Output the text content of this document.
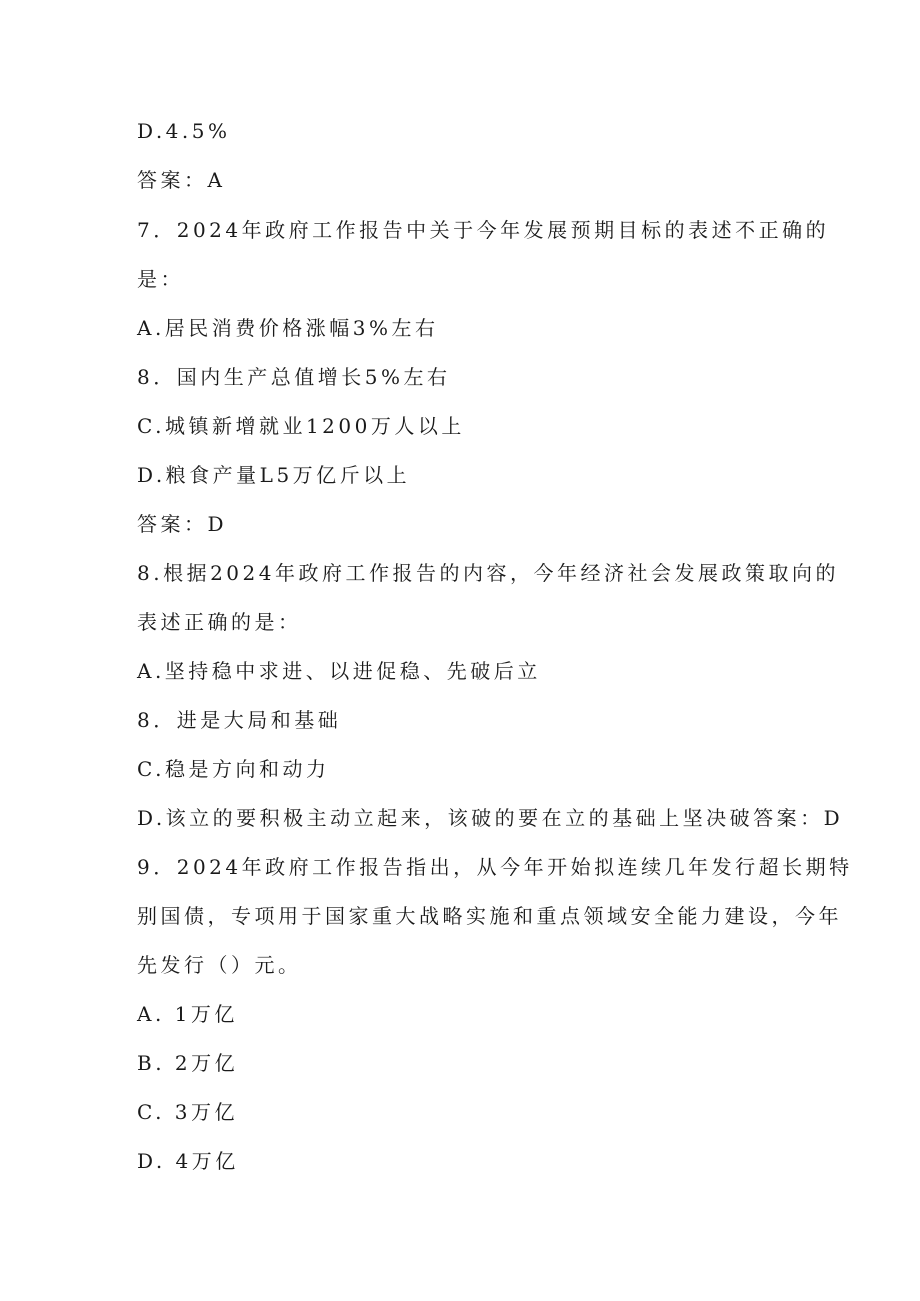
D.4.5%
答案：A
7．2024年政府工作报告中关于今年发展预期目标的表述不正确的
是：
A.居民消费价格涨幅3%左右
8．国内生产总值增长5%左右
C.城镇新增就业1200万人以上
D.粮食产量L5万亿斤以上
答案：D
8.根据2024年政府工作报告的内容，今年经济社会发展政策取向的
表述正确的是：
A.坚持稳中求进、以进促稳、先破后立
8．进是大局和基础
C.稳是方向和动力
D.该立的要积极主动立起来，该破的要在立的基础上坚决破答案：D
9．2024年政府工作报告指出，从今年开始拟连续几年发行超长期特
别国债，专项用于国家重大战略实施和重点领域安全能力建设，今年
先发行（）元。
A. 1万亿
B. 2万亿
C. 3万亿
D. 4万亿
